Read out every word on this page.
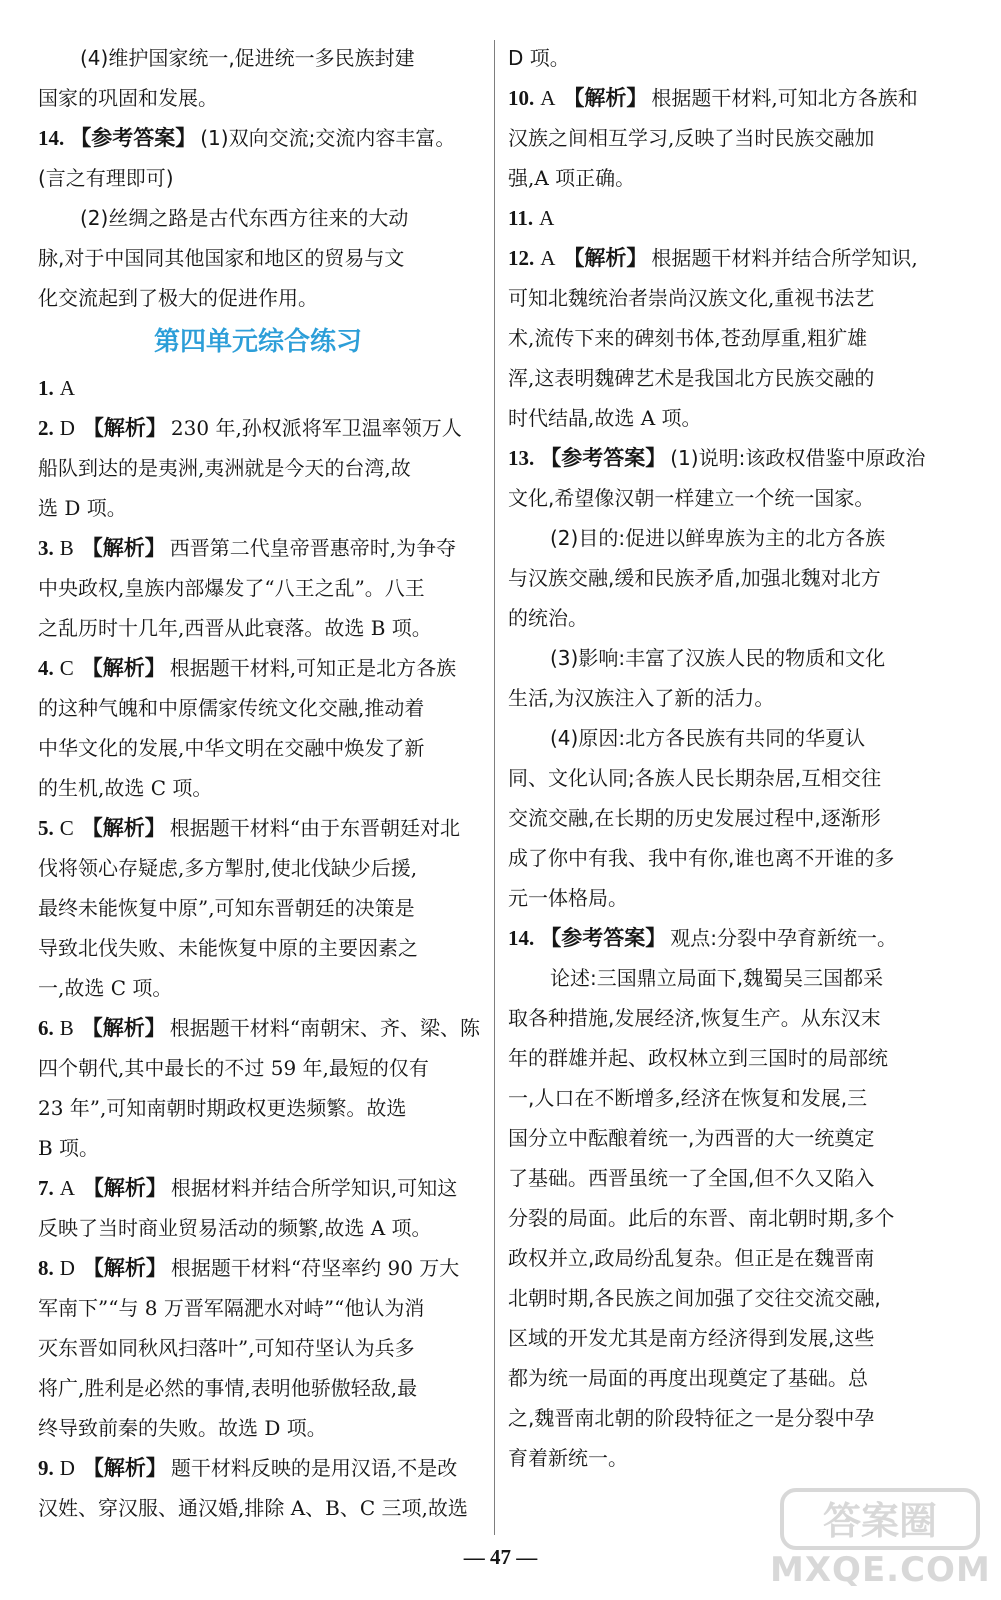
(4)维护国家统一,促进统一多民族封建
国家的巩固和发展。
14. 【参考答案】 (1)双向交流;交流内容丰富。
(言之有理即可)
(2)丝绸之路是古代东西方往来的大动
脉,对于中国同其他国家和地区的贸易与文
化交流起到了极大的促进作用。
第四单元综合练习
1. A
2. D 【解析】 230 年,孙权派将军卫温率领万人
船队到达的是夷洲,夷洲就是今天的台湾,故
选 D 项。
3. B 【解析】 西晋第二代皇帝晋惠帝时,为争夺
中央政权,皇族内部爆发了“八王之乱”。八王
之乱历时十几年,西晋从此衰落。故选 B 项。
4. C 【解析】 根据题干材料,可知正是北方各族
的这种气魄和中原儒家传统文化交融,推动着
中华文化的发展,中华文明在交融中焕发了新
的生机,故选 C 项。
5. C 【解析】 根据题干材料“由于东晋朝廷对北
伐将领心存疑虑,多方掣肘,使北伐缺少后援,
最终未能恢复中原”,可知东晋朝廷的决策是
导致北伐失败、未能恢复中原的主要因素之
一,故选 C 项。
6. B 【解析】 根据题干材料“南朝宋、齐、梁、陈
四个朝代,其中最长的不过 59 年,最短的仅有
23 年”,可知南朝时期政权更迭频繁。故选
B 项。
7. A 【解析】 根据材料并结合所学知识,可知这
反映了当时商业贸易活动的频繁,故选 A 项。
8. D 【解析】 根据题干材料“苻坚率约 90 万大
军南下”“与 8 万晋军隔淝水对峙”“他认为消
灭东晋如同秋风扫落叶”,可知苻坚认为兵多
将广,胜利是必然的事情,表明他骄傲轻敌,最
终导致前秦的失败。故选 D 项。
9. D 【解析】 题干材料反映的是用汉语,不是改
汉姓、穿汉服、通汉婚,排除 A、B、C 三项,故选
D 项。
10. A 【解析】 根据题干材料,可知北方各族和
汉族之间相互学习,反映了当时民族交融加
强,A 项正确。
11. A
12. A 【解析】 根据题干材料并结合所学知识,
可知北魏统治者崇尚汉族文化,重视书法艺
术,流传下来的碑刻书体,苍劲厚重,粗犷雄
浑,这表明魏碑艺术是我国北方民族交融的
时代结晶,故选 A 项。
13. 【参考答案】 (1)说明:该政权借鉴中原政治
文化,希望像汉朝一样建立一个统一国家。
(2)目的:促进以鲜卑族为主的北方各族
与汉族交融,缓和民族矛盾,加强北魏对北方
的统治。
(3)影响:丰富了汉族人民的物质和文化
生活,为汉族注入了新的活力。
(4)原因:北方各民族有共同的华夏认
同、文化认同;各族人民长期杂居,互相交往
交流交融,在长期的历史发展过程中,逐渐形
成了你中有我、我中有你,谁也离不开谁的多
元一体格局。
14. 【参考答案】 观点:分裂中孕育新统一。
论述:三国鼎立局面下,魏蜀吴三国都采
取各种措施,发展经济,恢复生产。从东汉末
年的群雄并起、政权林立到三国时的局部统
一,人口在不断增多,经济在恢复和发展,三
国分立中酝酿着统一,为西晋的大一统奠定
了基础。西晋虽统一了全国,但不久又陷入
分裂的局面。此后的东晋、南北朝时期,多个
政权并立,政局纷乱复杂。但正是在魏晋南
北朝时期,各民族之间加强了交往交流交融,
区域的开发尤其是南方经济得到发展,这些
都为统一局面的再度出现奠定了基础。总
之,魏晋南北朝的阶段特征之一是分裂中孕
育着新统一。
— 47 —
答案圈
MXQE.COM
